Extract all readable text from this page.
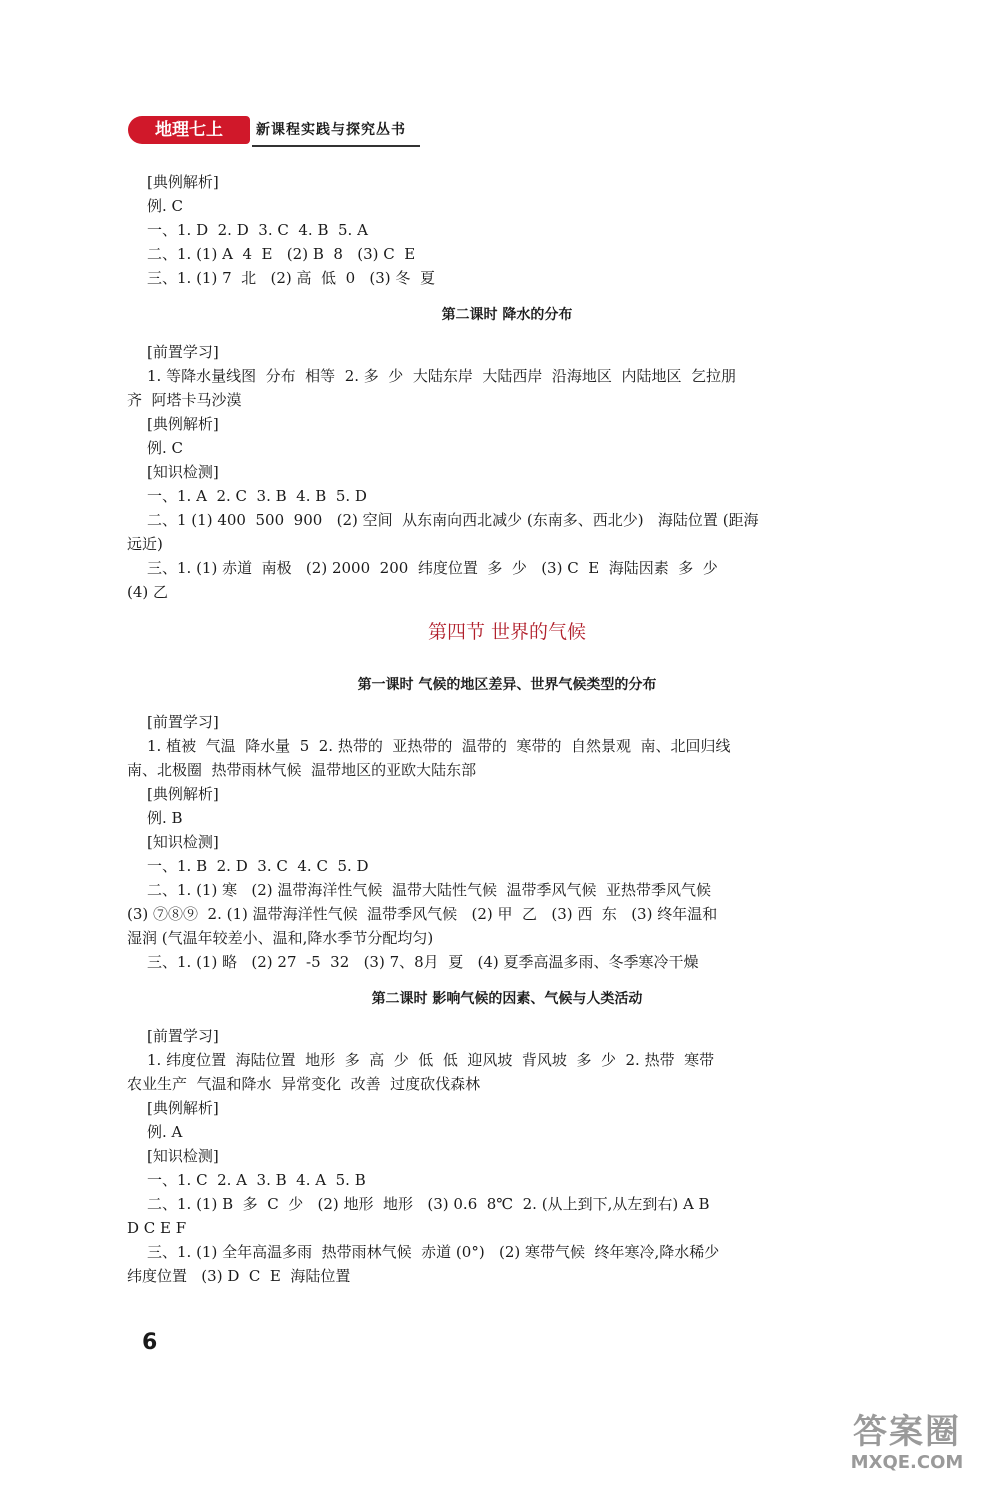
地理七上	新课程实践与探究丛书
[典例解析]
例. C
一、1. D  2. D  3. C  4. B  5. A
二、1. (1) A  4  E   (2) B  8   (3) C  E
三、1. (1) 7  北   (2) 高  低  0   (3) 冬  夏
第二课时 降水的分布
[前置学习]
1. 等降水量线图  分布  相等  2. 多  少  大陆东岸  大陆西岸  沿海地区  内陆地区  乞拉朋
齐  阿塔卡马沙漠
[典例解析]
例. C
[知识检测]
一、1. A  2. C  3. B  4. B  5. D
二、1 (1) 400  500  900   (2) 空间  从东南向西北减少 (东南多、西北少)   海陆位置 (距海
远近)
三、1. (1) 赤道  南极   (2) 2000  200  纬度位置  多  少   (3) C  E  海陆因素  多  少
(4) 乙
第四节 世界的气候
第一课时 气候的地区差异、世界气候类型的分布
[前置学习]
1. 植被  气温  降水量  5  2. 热带的  亚热带的  温带的  寒带的  自然景观  南、北回归线
南、北极圈  热带雨林气候  温带地区的亚欧大陆东部
[典例解析]
例. B
[知识检测]
一、1. B  2. D  3. C  4. C  5. D
二、1. (1) 寒   (2) 温带海洋性气候  温带大陆性气候  温带季风气候  亚热带季风气候
(3) ⑦⑧⑨  2. (1) 温带海洋性气候  温带季风气候   (2) 甲  乙   (3) 西  东   (3) 终年温和
湿润 (气温年较差小、温和,降水季节分配均匀)
三、1. (1) 略   (2) 27  -5  32   (3) 7、8月  夏   (4) 夏季高温多雨、冬季寒冷干燥
第二课时 影响气候的因素、气候与人类活动
[前置学习]
1. 纬度位置  海陆位置  地形  多  高  少  低  低  迎风坡  背风坡  多  少  2. 热带  寒带
农业生产  气温和降水  异常变化  改善  过度砍伐森林
[典例解析]
例. A
[知识检测]
一、1. C  2. A  3. B  4. A  5. B
二、1. (1) B  多  C  少   (2) 地形  地形   (3) 0.6  8℃  2. (从上到下,从左到右) A B
D C E F
三、1. (1) 全年高温多雨  热带雨林气候  赤道 (0°)   (2) 寒带气候  终年寒冷,降水稀少
纬度位置   (3) D  C  E  海陆位置
6
答案圈
MXQE.COM
